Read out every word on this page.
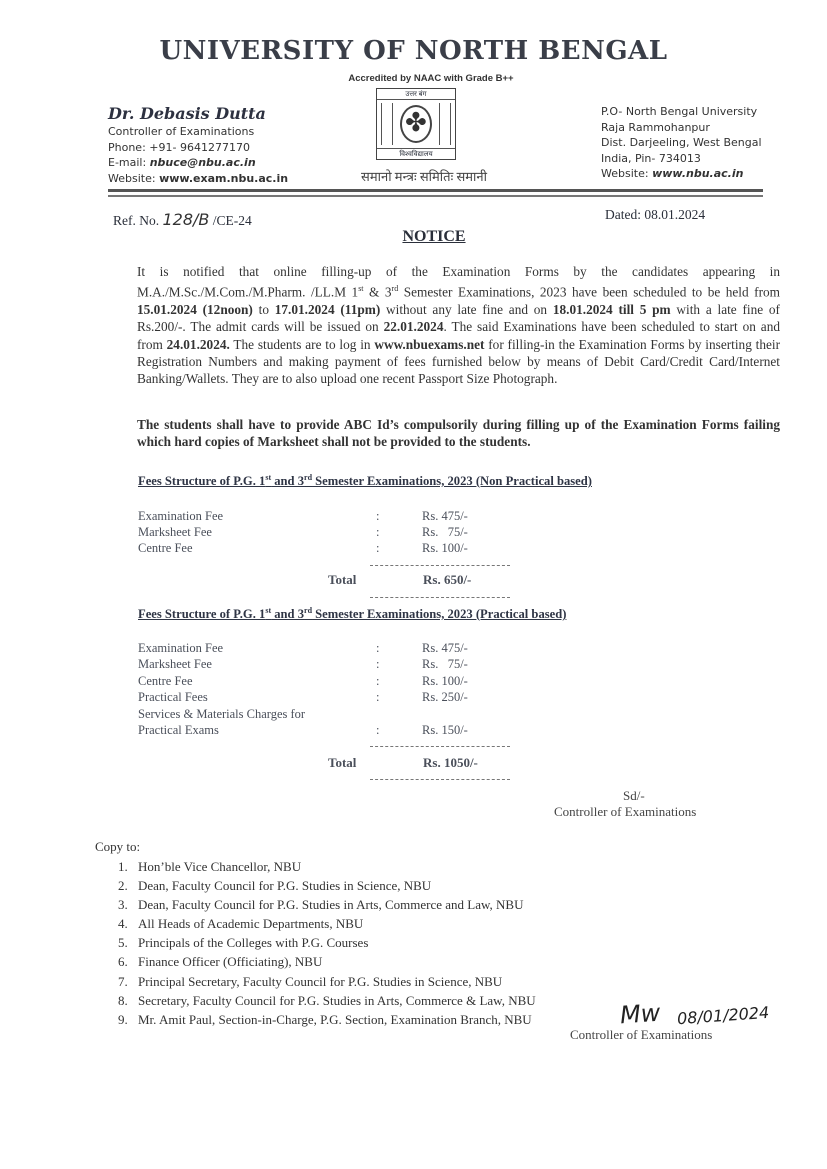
UNIVERSITY OF NORTH BENGAL
Accredited by NAAC with Grade B++
Dr. Debasis Dutta
Controller of Examinations
Phone: +91- 9641277170
E-mail: nbuce@nbu.ac.in
Website: www.exam.nbu.ac.in
उत्तर बंग
✤
विश्वविद्यालय
समानो मन्त्रः समितिः समानी
P.O- North Bengal University
Raja Rammohanpur
Dist. Darjeeling, West Bengal
India, Pin- 734013
Website: www.nbu.ac.in
Ref. No. 128/B /CE-24	Dated: 08.01.2024
NOTICE
It is notified that online filling-up of the Examination Forms by the candidates appearing in M.A./M.Sc./M.Com./M.Pharm. /LL.M 1st & 3rd Semester Examinations, 2023 have been scheduled to be held from 15.01.2024 (12noon) to 17.01.2024 (11pm) without any late fine and on 18.01.2024 till 5 pm with a late fine of Rs.200/-. The admit cards will be issued on 22.01.2024. The said Examinations have been scheduled to start on and from 24.01.2024. The students are to log in www.nbuexams.net for filling-in the Examination Forms by inserting their Registration Numbers and making payment of fees furnished below by means of Debit Card/Credit Card/Internet Banking/Wallets. They are to also upload one recent Passport Size Photograph.
The students shall have to provide ABC Id’s compulsorily during filling up of the Examination Forms failing which hard copies of Marksheet shall not be provided to the students.
Fees Structure of P.G. 1st and 3rd Semester Examinations, 2023 (Non Practical based)
Examination Fee	:	Rs. 475/-
Marksheet Fee	:	Rs.   75/-
Centre Fee	:	Rs. 100/-
Total	Rs. 650/-
Fees Structure of P.G. 1st and 3rd Semester Examinations, 2023 (Practical based)
Examination Fee	:	Rs. 475/-
Marksheet Fee	:	Rs.   75/-
Centre Fee	:	Rs. 100/-
Practical Fees	:	Rs. 250/-
Services & Materials Charges for
Practical Exams	:	Rs. 150/-
Total	Rs. 1050/-
Sd/-
Controller of Examinations
Copy to:
1. Hon’ble Vice Chancellor, NBU
2. Dean, Faculty Council for P.G. Studies in Science, NBU
3. Dean, Faculty Council for P.G. Studies in Arts, Commerce and Law, NBU
4. All Heads of Academic Departments, NBU
5. Principals of the Colleges with P.G. Courses
6. Finance Officer (Officiating), NBU
7. Principal Secretary, Faculty Council for P.G. Studies in Science, NBU
8. Secretary, Faculty Council for P.G. Studies in Arts, Commerce & Law, NBU
9. Mr. Amit Paul, Section-in-Charge, P.G. Section, Examination Branch, NBU	Mw 08/01/2024
Controller of Examinations
